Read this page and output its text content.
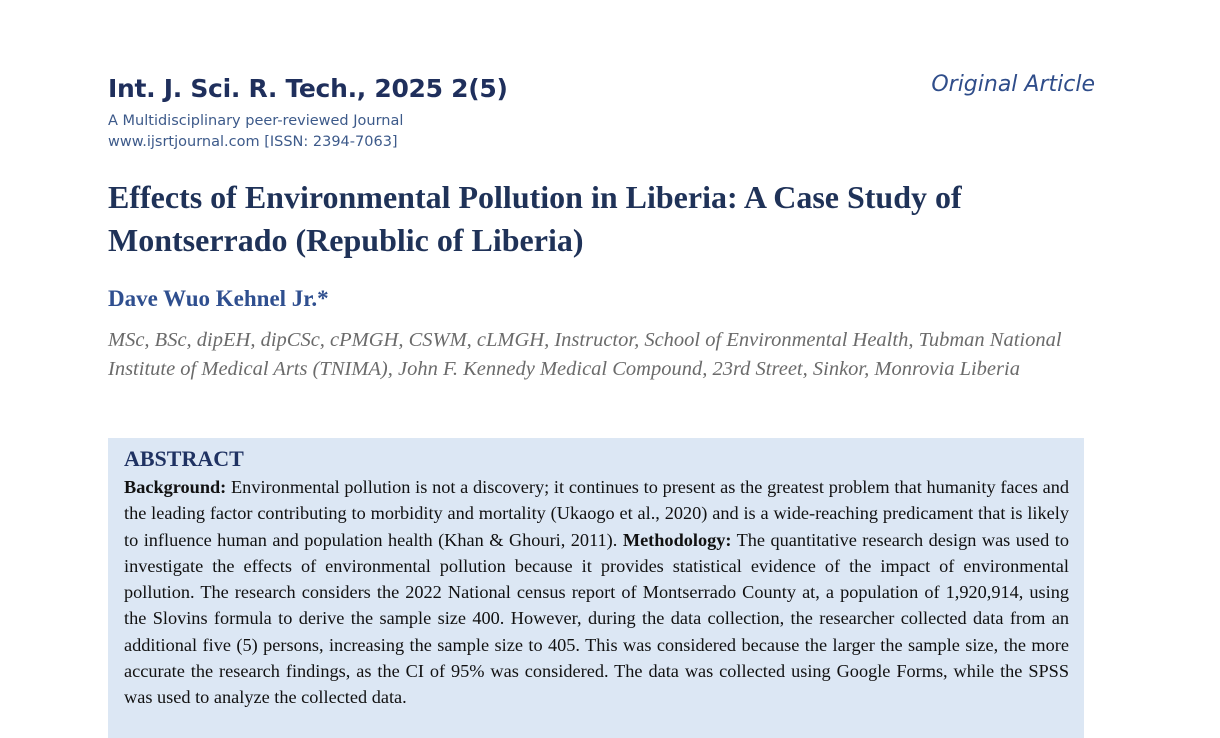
Int. J. Sci. R. Tech., 2025 2(5)
A Multidisciplinary peer-reviewed Journal
www.ijsrtjournal.com [ISSN: 2394-7063]
Original Article
Effects of Environmental Pollution in Liberia: A Case Study of Montserrado (Republic of Liberia)
Dave Wuo Kehnel Jr.*
MSc, BSc, dipEH, dipCSc, cPMGH, CSWM, cLMGH, Instructor, School of Environmental Health, Tubman National Institute of Medical Arts (TNIMA), John F. Kennedy Medical Compound, 23rd Street, Sinkor, Monrovia Liberia
ABSTRACT

Background: Environmental pollution is not a discovery; it continues to present as the greatest problem that humanity faces and the leading factor contributing to morbidity and mortality (Ukaogo et al., 2020) and is a wide-reaching predicament that is likely to influence human and population health (Khan & Ghouri, 2011). Methodology: The quantitative research design was used to investigate the effects of environmental pollution because it provides statistical evidence of the impact of environmental pollution. The research considers the 2022 National census report of Montserrado County at, a population of 1,920,914, using the Slovins formula to derive the sample size 400. However, during the data collection, the researcher collected data from an additional five (5) persons, increasing the sample size to 405. This was considered because the larger the sample size, the more accurate the research findings, as the CI of 95% was considered. The data was collected using Google Forms, while the SPSS was used to analyze the collected data.
